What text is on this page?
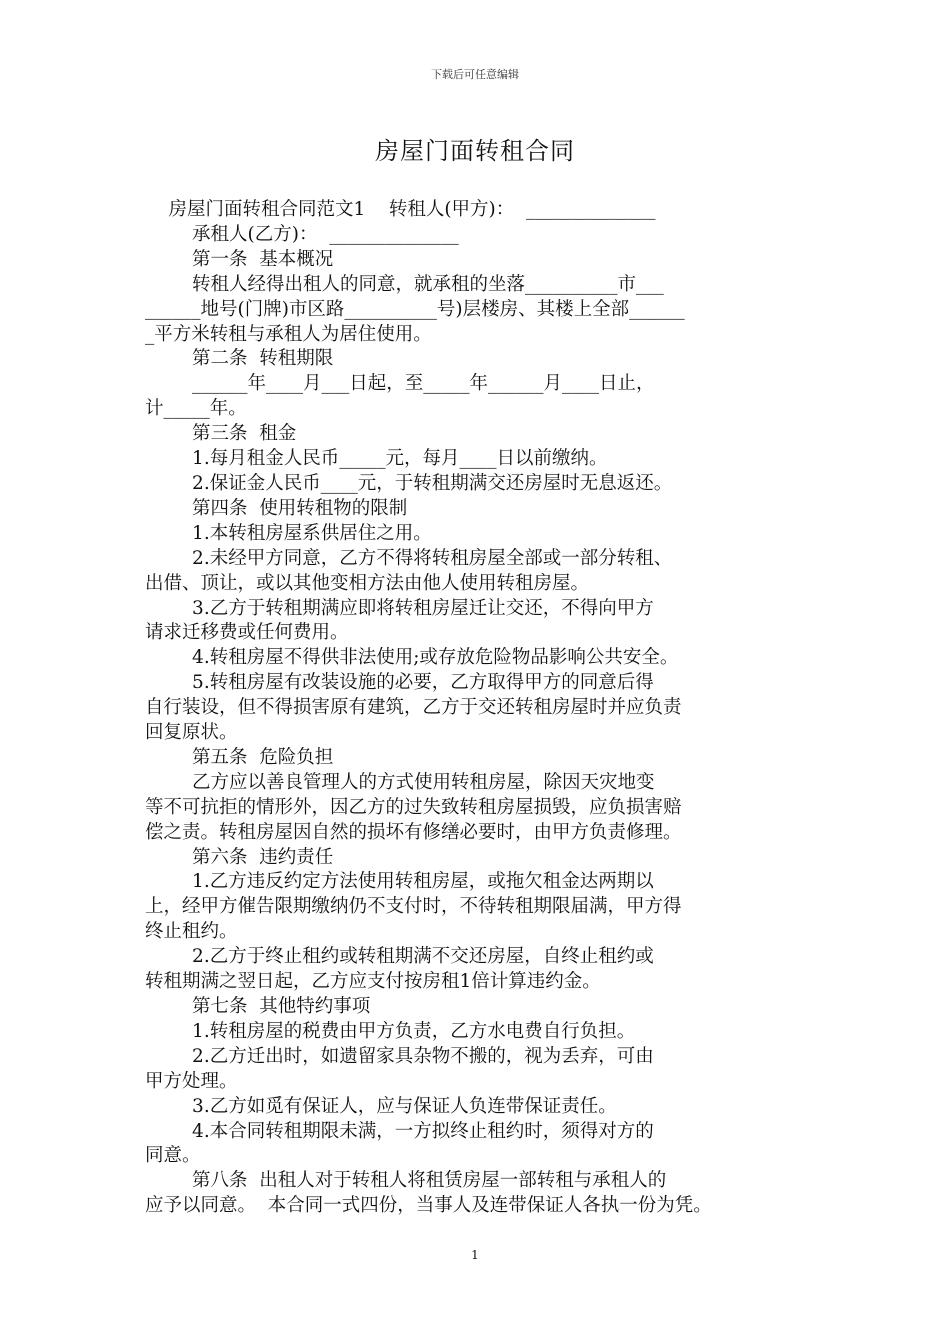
下载后可任意编辑
房屋门面转租合同

房屋门面转租合同范文1    转租人(甲方)：  ______________

承租人(乙方)：  ______________

第一条  基本概况

转租人经得出租人的同意，就承租的坐落__________市___

______地号(门牌)市区路__________号)层楼房、其楼上全部______

_平方米转租与承租人为居住使用。

第二条  转租期限

______年____月___日起，至_____年______月____日止，

计_____年。

第三条  租金

1.每月租金人民币_____元，每月____日以前缴纳。

2.保证金人民币____元，于转租期满交还房屋时无息返还。

第四条  使用转租物的限制

1.本转租房屋系供居住之用。

2.未经甲方同意，乙方不得将转租房屋全部或一部分转租、

出借、顶让，或以其他变相方法由他人使用转租房屋。

3.乙方于转租期满应即将转租房屋迁让交还，不得向甲方

请求迁移费或任何费用。

4.转租房屋不得供非法使用;或存放危险物品影响公共安全。

5.转租房屋有改装设施的必要，乙方取得甲方的同意后得

自行装设，但不得损害原有建筑，乙方于交还转租房屋时并应负责

回复原状。

第五条  危险负担

乙方应以善良管理人的方式使用转租房屋，除因天灾地变

等不可抗拒的情形外，因乙方的过失致转租房屋损毁，应负损害赔

偿之责。转租房屋因自然的损坏有修缮必要时，由甲方负责修理。

第六条  违约责任

1.乙方违反约定方法使用转租房屋，或拖欠租金达两期以

上，经甲方催告限期缴纳仍不支付时，不待转租期限届满，甲方得

终止租约。

2.乙方于终止租约或转租期满不交还房屋，自终止租约或

转租期满之翌日起，乙方应支付按房租1倍计算违约金。

第七条  其他特约事项

1.转租房屋的税费由甲方负责，乙方水电费自行负担。

2.乙方迁出时，如遗留家具杂物不搬的，视为丢弃，可由

甲方处理。

3.乙方如觅有保证人，应与保证人负连带保证责任。

4.本合同转租期限未满，一方拟终止租约时，须得对方的

同意。

第八条  出租人对于转租人将租赁房屋一部转租与承租人的

应予以同意。  本合同一式四份，当事人及连带保证人各执一份为凭。

1
